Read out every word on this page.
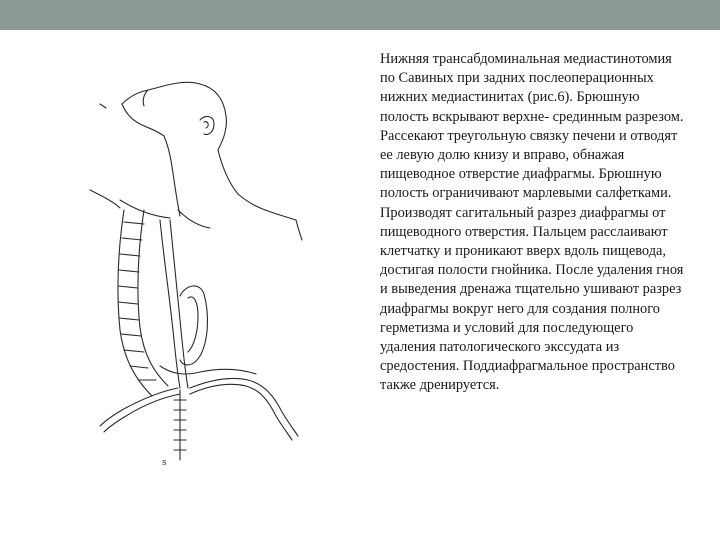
s

Нижняя трансабдоминальная медиастинотомия по Савиных при задних послеоперационных нижних медиастинитах (рис.6). Брюшную полость вскрывают верхне- срединным разрезом. Рассекают треугольную связку печени и отводят ее левую долю книзу и вправо, обнажая пищеводное отверстие диафрагмы. Брюшную полость ограничивают марлевыми салфетками. Производят сагитальный разрез диафрагмы от пищеводного отверстия. Пальцем расслаивают клетчатку и проникают вверх вдоль пищевода, достигая полости гнойника. После удаления гноя и выведения дренажа тщательно ушивают разрез диафрагмы вокруг него для создания полного герметизма и условий для последующего удаления патологического экссудата из средостения. Поддиафрагмальное пространство также дренируется.
